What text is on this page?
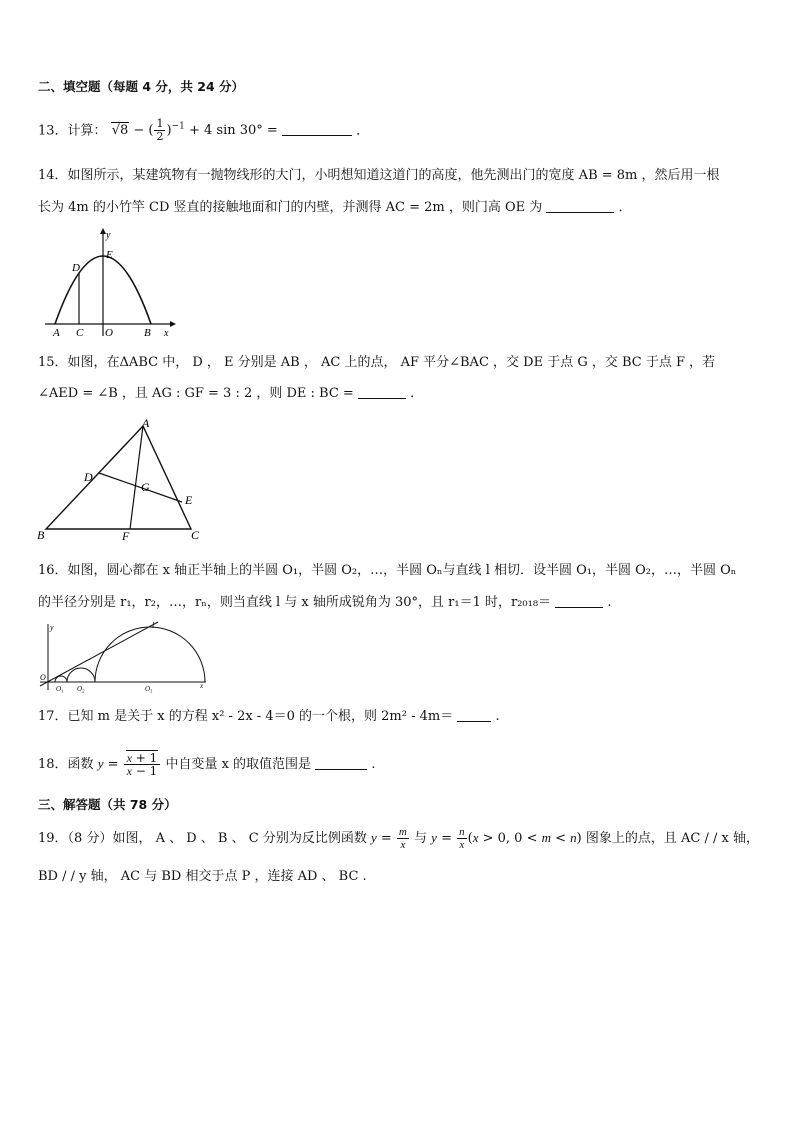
二、填空题（每题 4 分，共 24 分）
13．计算： √8 − ( $\frac{1}{2} )^{-1} + 4$ sin 30° =	．
14．如图所示，某建筑物有一抛物线形的大门，小明想知道这道门的高度，他先测出门的宽度 AB = 8m ，然后用一根
长为 4m 的小竹竿 CD 竖直的接触地面和门的内壁，并测得 AC = 2m ，则门高 OE 为	．
y
D
E
A C O	B x
15．如图，在ΔABC 中， D ， E 分别是 AB ， AC 上的点， AF 平分∠BAC ，交 DE 于点 G ，交 BC 于点 F ，若
∠AED = ∠B ，且 AG : GF = 3 : 2 ，则 DE : BC =	．
A
D
G
E
B	F	C
16．如图，圆心都在 x 轴正半轴上的半圆 O₁，半圆 O₂，…，半圆 Oₙ与直线 l 相切．设半圆 O₁，半圆 O₂，…，半圆 Oₙ
的半径分别是 r₁，r₂，…，rₙ，则当直线 l 与 x 轴所成锐角为 30°，且 r₁＝1 时，r₂₀₁₈＝	.
y	l
O
O₁ O₂	O₃	x
17．已知 m 是关于 x 的方程 x² - 2x - 4＝0 的一个根，则 2m² - 4m＝	.
18．函数 $y = \frac{x + 1}{x - 1}$ 中自变量 x 的取值范围是	.
三、解答题（共 78 分）
19．（8 分）如图， A 、 D 、 B 、 C 分别为反比例函数 $y = \frac{m}{x}$ 与 $y = \frac{n}{x} (x > 0$, 0 < m < n) 图象上的点，且 AC / / x 轴，
BD / / y 轴， AC 与 BD 相交于点 P ，连接 AD 、 BC .
